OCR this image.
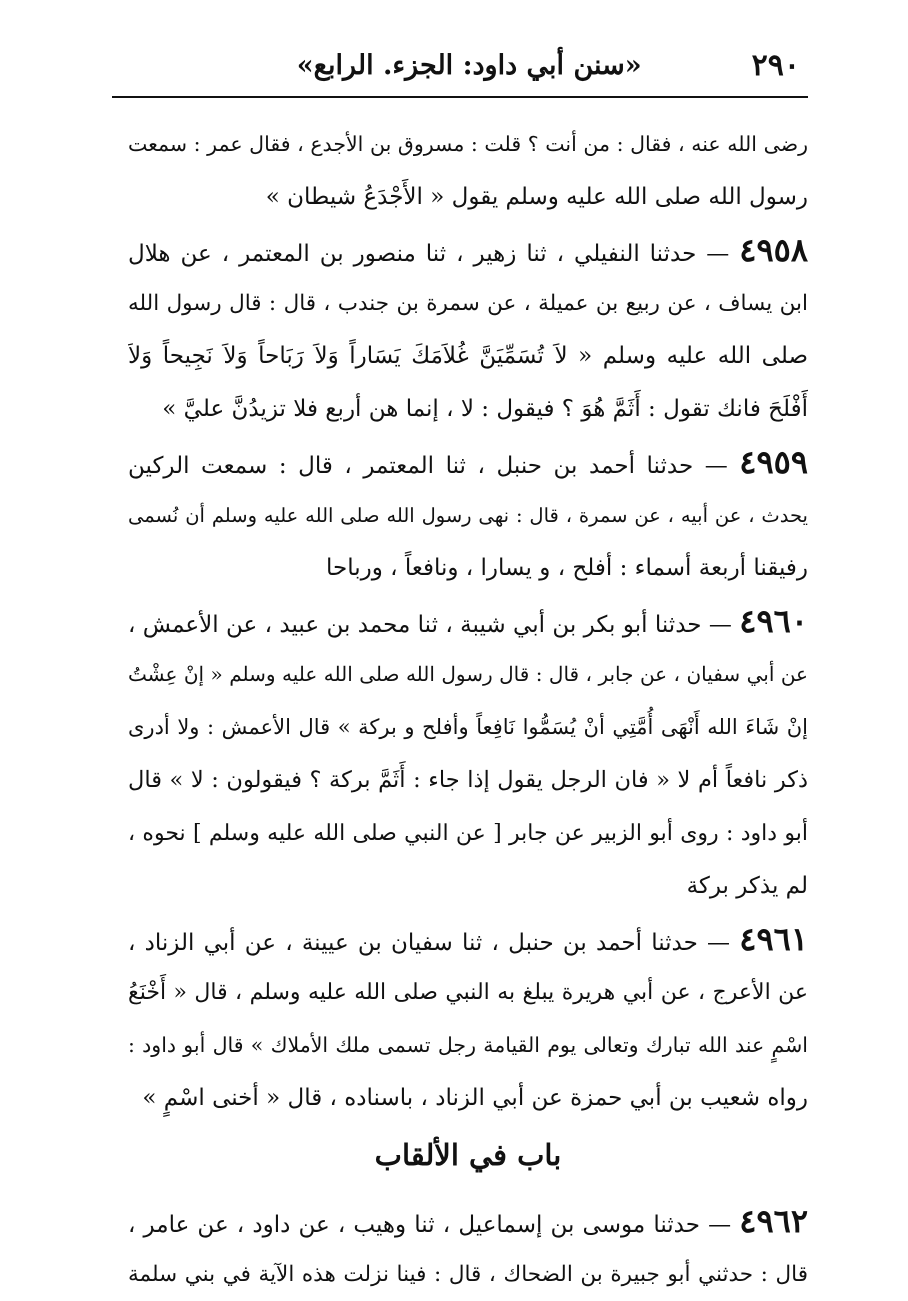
٢٩٠
«سنن أبي داود: الجزء. الرابع»
رضى الله عنه ، فقال : من أنت ؟ قلت : مسروق بن الأجدع ، فقال عمر : سمعت
رسول الله صلى الله عليه وسلم يقول « الأَجْدَعُ شيطان »
٤٩٥٨ — حدثنا النفيلي ، ثنا زهير ، ثنا منصور بن المعتمر ، عن هلال
ابن يساف ، عن ربيع بن عميلة ، عن سمرة بن جندب ، قال : قال رسول الله
صلى الله عليه وسلم « لاَ تُسَمِّيَنَّ غُلاَمَكَ يَسَاراً وَلاَ رَبَاحاً وَلاَ نَجِيحاً وَلاَ
أَفْلَحَ فانك تقول : أَثَمَّ هُوَ ؟ فيقول : لا ، إنما هن أربع فلا تزيدُنَّ عليَّ »
٤٩٥٩ — حدثنا أحمد بن حنبل ، ثنا المعتمر ، قال : سمعت الركين
يحدث ، عن أبيه ، عن سمرة ، قال : نهى رسول الله صلى الله عليه وسلم أن نُسمى
رفيقنا أربعة أسماء : أفلح ، و يسارا ، ونافعاً ، ورباحا
٤٩٦٠ — حدثنا أبو بكر بن أبي شيبة ، ثنا محمد بن عبيد ، عن الأعمش ،
عن أبي سفيان ، عن جابر ، قال : قال رسول الله صلى الله عليه وسلم « إنْ عِشْتُ
إنْ شَاءَ الله أَنْهَى أُمَّتِي أنْ يُسَمُّوا نَافِعاً وأفلح و بركة » قال الأعمش : ولا أدرى
ذكر نافعاً أم لا « فان الرجل يقول إذا جاء : أَثَمَّ بركة ؟ فيقولون : لا » قال
أبو داود : روى أبو الزبير عن جابر [ عن النبي صلى الله عليه وسلم ] نحوه ،
لم يذكر بركة
٤٩٦١ — حدثنا أحمد بن حنبل ، ثنا سفيان بن عيينة ، عن أبي الزناد ،
عن الأعرج ، عن أبي هريرة يبلغ به النبي صلى الله عليه وسلم ، قال « أَخْنَعُ
اسْمٍ عند الله تبارك وتعالى يوم القيامة رجل تسمى ملك الأملاك » قال أبو داود :
رواه شعيب بن أبي حمزة عن أبي الزناد ، باسناده ، قال « أخنى اسْمٍ »
باب في الألقاب
٤٩٦٢ — حدثنا موسى بن إسماعيل ، ثنا وهيب ، عن داود ، عن عامر ،
قال : حدثني أبو جبيرة بن الضحاك ، قال : فينا نزلت هذه الآية في بني سلمة
